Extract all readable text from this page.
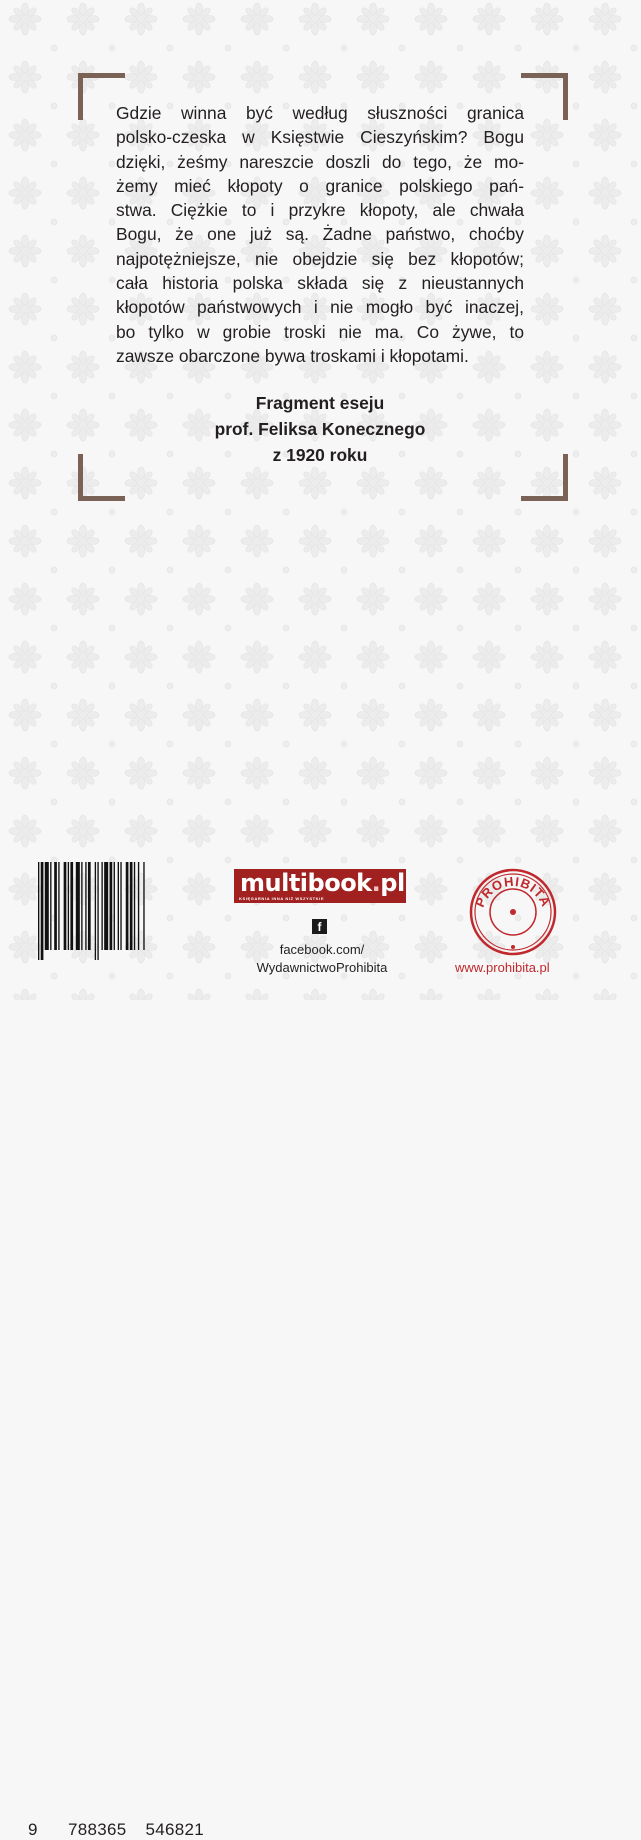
Gdzie winna być według słuszności granica
polsko-czeska w Księstwie Cieszyńskim? Bogu
dzięki, żeśmy nareszcie doszli do tego, że mo-
żemy mieć kłopoty o granice polskiego pań-
stwa. Ciężkie to i przykre kłopoty, ale chwała
Bogu, że one już są. Żadne państwo, choćby
najpotężniejsze, nie obejdzie się bez kłopotów;
cała historia polska składa się z nieustannych
kłopotów państwowych i nie mogło być inaczej,
bo tylko w grobie troski nie ma. Co żywe, to
zawsze obarczone bywa troskami i kłopotami.
Fragment eseju
prof. Feliksa Konecznego
z 1920 roku
9 788365 546821
multibook.pl
KSIĘGARNIA INNA NIŻ WSZYSTKIE
f
facebook.com/
WydawnictwoProhibita
PROHIBITA
www.prohibita.pl
